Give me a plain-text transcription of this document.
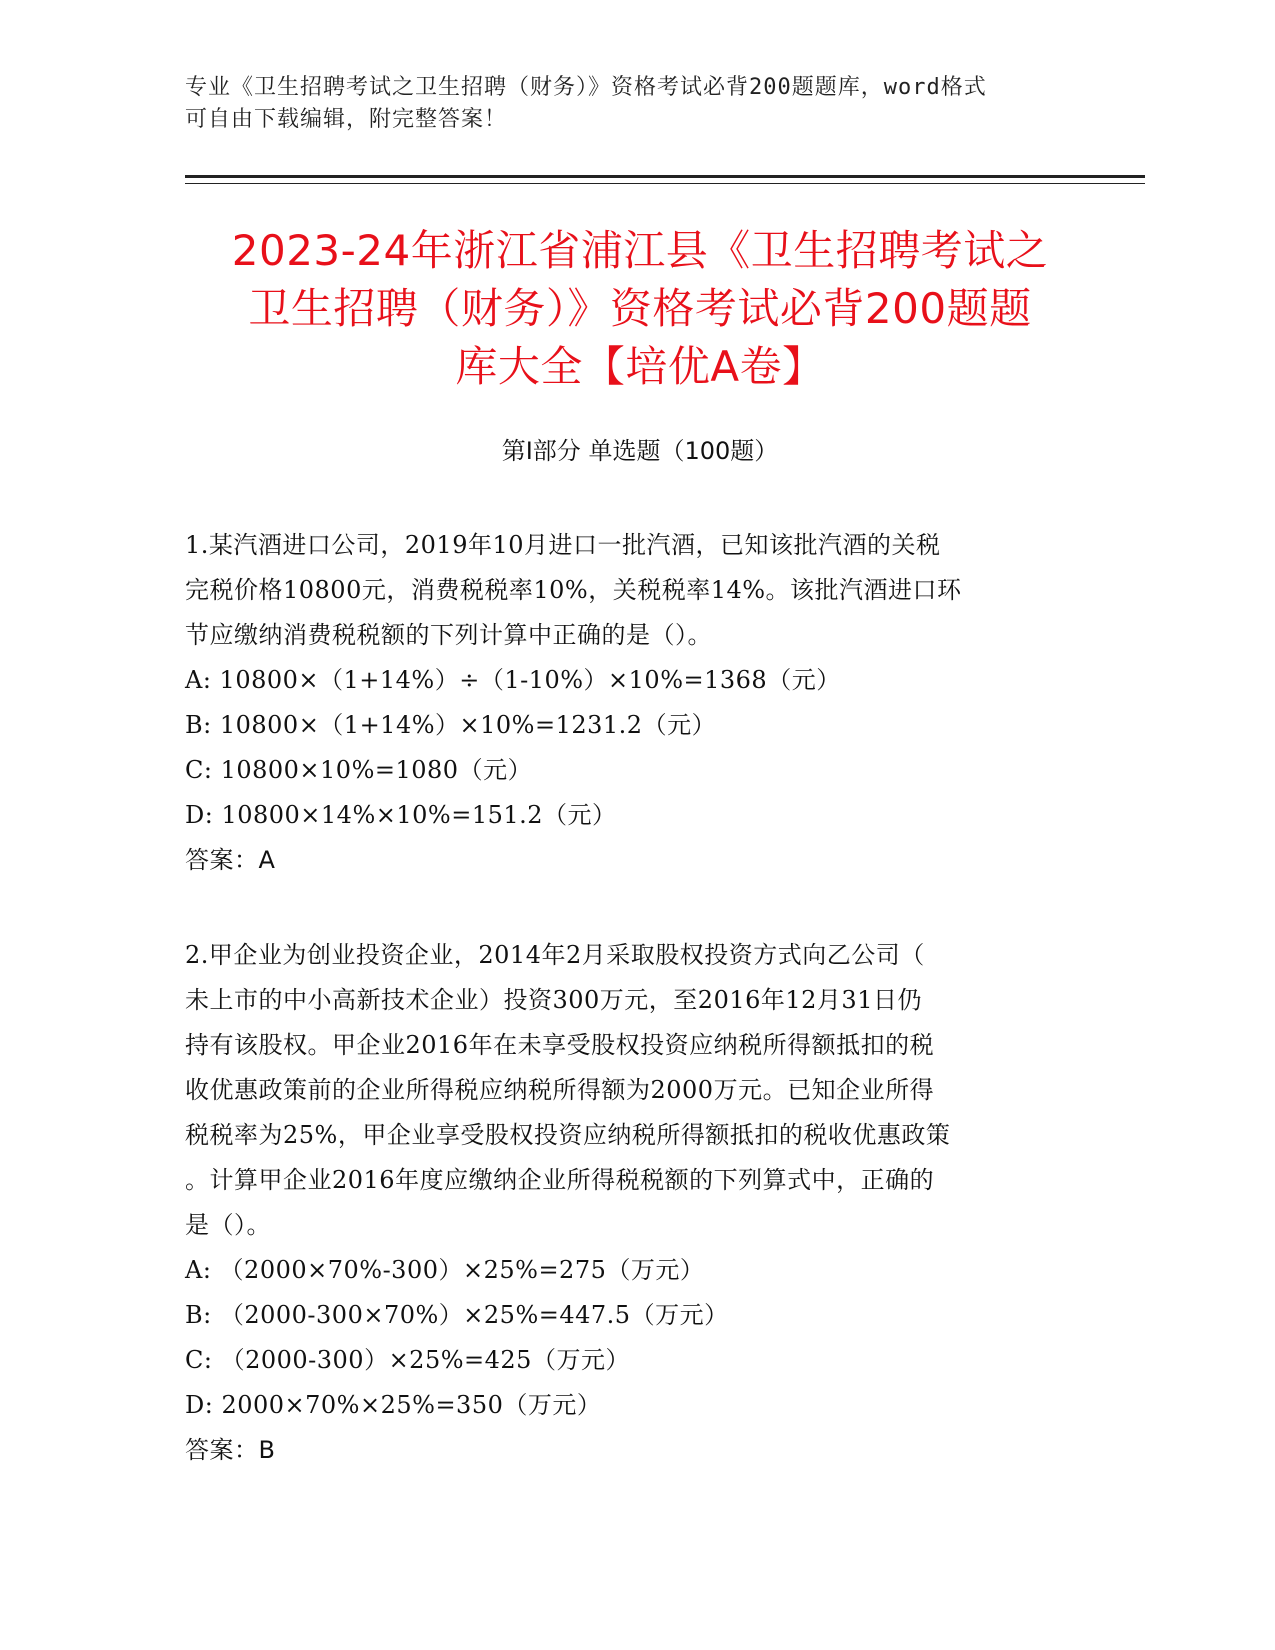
专业《卫生招聘考试之卫生招聘（财务）》资格考试必背200题题库，word格式
可自由下载编辑，附完整答案！
2023-24年浙江省浦江县《卫生招聘考试之
卫生招聘（财务）》资格考试必背200题题
库大全【培优A卷】
第Ⅰ部分 单选题（100题）

1.某汽酒进口公司，2019年10月进口一批汽酒，已知该批汽酒的关税

完税价格10800元，消费税税率10%，关税税率14%。该批汽酒进口环

节应缴纳消费税税额的下列计算中正确的是（）。

A: 10800×（1+14%）÷（1-10%）×10%=1368（元）

B: 10800×（1+14%）×10%=1231.2（元）

C: 10800×10%=1080（元）

D: 10800×14%×10%=151.2（元）

答案：A

2.甲企业为创业投资企业，2014年2月采取股权投资方式向乙公司（

未上市的中小高新技术企业）投资300万元，至2016年12月31日仍

持有该股权。甲企业2016年在未享受股权投资应纳税所得额抵扣的税

收优惠政策前的企业所得税应纳税所得额为2000万元。已知企业所得

税税率为25%，甲企业享受股权投资应纳税所得额抵扣的税收优惠政策

。计算甲企业2016年度应缴纳企业所得税税额的下列算式中，正确的

是（）。

A: （2000×70%-300）×25%=275（万元）

B: （2000-300×70%）×25%=447.5（万元）

C: （2000-300）×25%=425（万元）

D: 2000×70%×25%=350（万元）

答案：B
